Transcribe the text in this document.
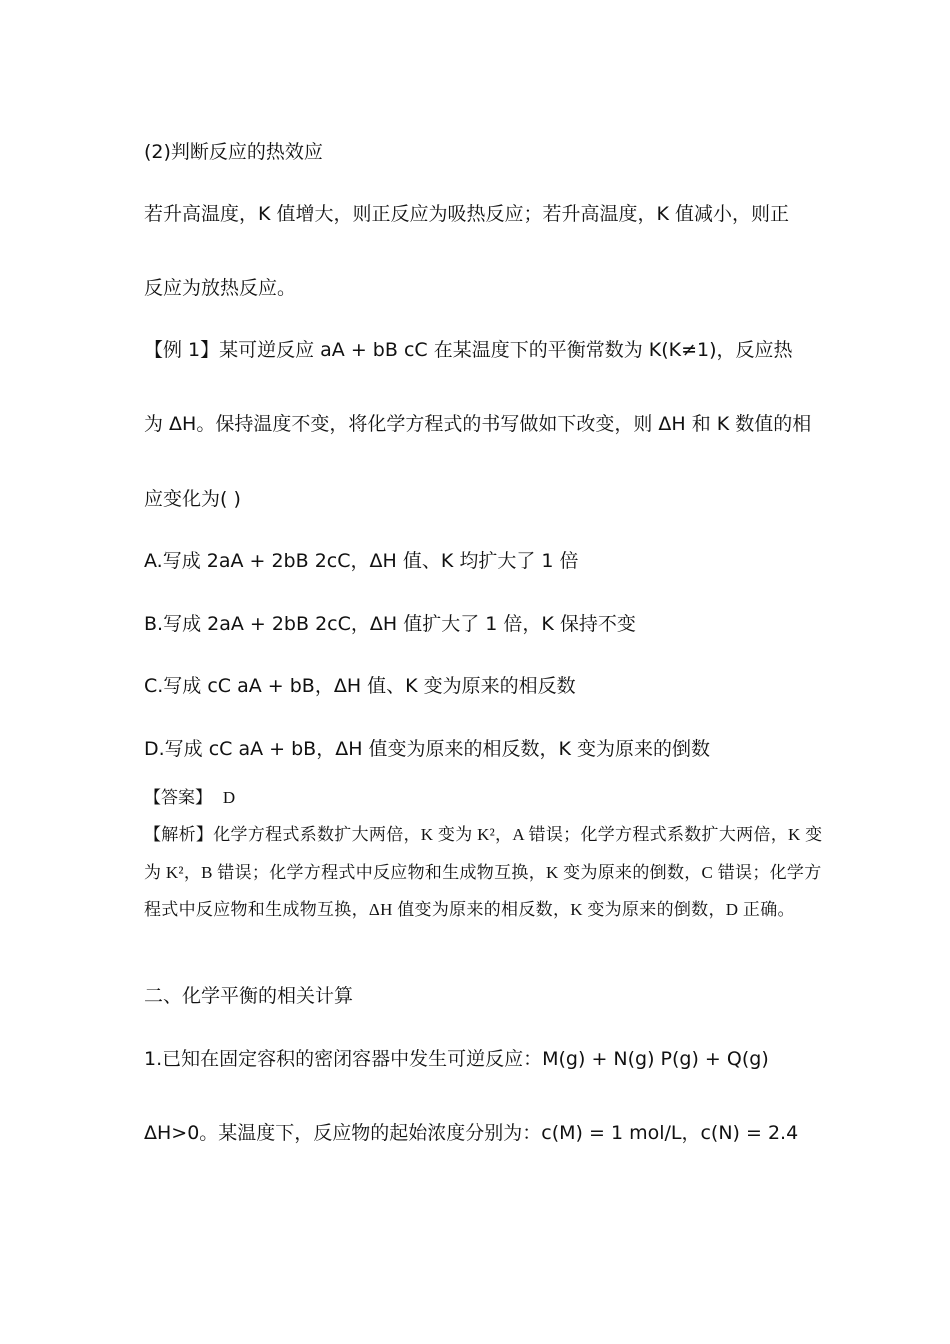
(2)判断反应的热效应
若升高温度，K 值增大，则正反应为吸热反应；若升高温度，K 值减小，则正
反应为放热反应。
【例 1】某可逆反应 aA + bB cC 在某温度下的平衡常数为 K(K≠1)，反应热
为 ΔH。保持温度不变，将化学方程式的书写做如下改变，则 ΔH 和 K 数值的相
应变化为( )
A.写成 2aA + 2bB 2cC，ΔH 值、K 均扩大了 1 倍
B.写成 2aA + 2bB 2cC，ΔH 值扩大了 1 倍，K 保持不变
C.写成 cC aA + bB，ΔH 值、K 变为原来的相反数
D.写成 cC aA + bB，ΔH 值变为原来的相反数，K 变为原来的倒数
【答案】 D
【解析】化学方程式系数扩大两倍，K 变为 K²，A 错误；化学方程式系数扩大两倍，K 变为 K²，B 错误；化学方程式中反应物和生成物互换，K 变为原来的倒数，C 错误；化学方程式中反应物和生成物互换，ΔH 值变为原来的相反数，K 变为原来的倒数，D 正确。
二、化学平衡的相关计算
1.已知在固定容积的密闭容器中发生可逆反应：M(g) + N(g) P(g) + Q(g)
ΔH>0。某温度下，反应物的起始浓度分别为：c(M) = 1 mol/L，c(N) = 2.4
